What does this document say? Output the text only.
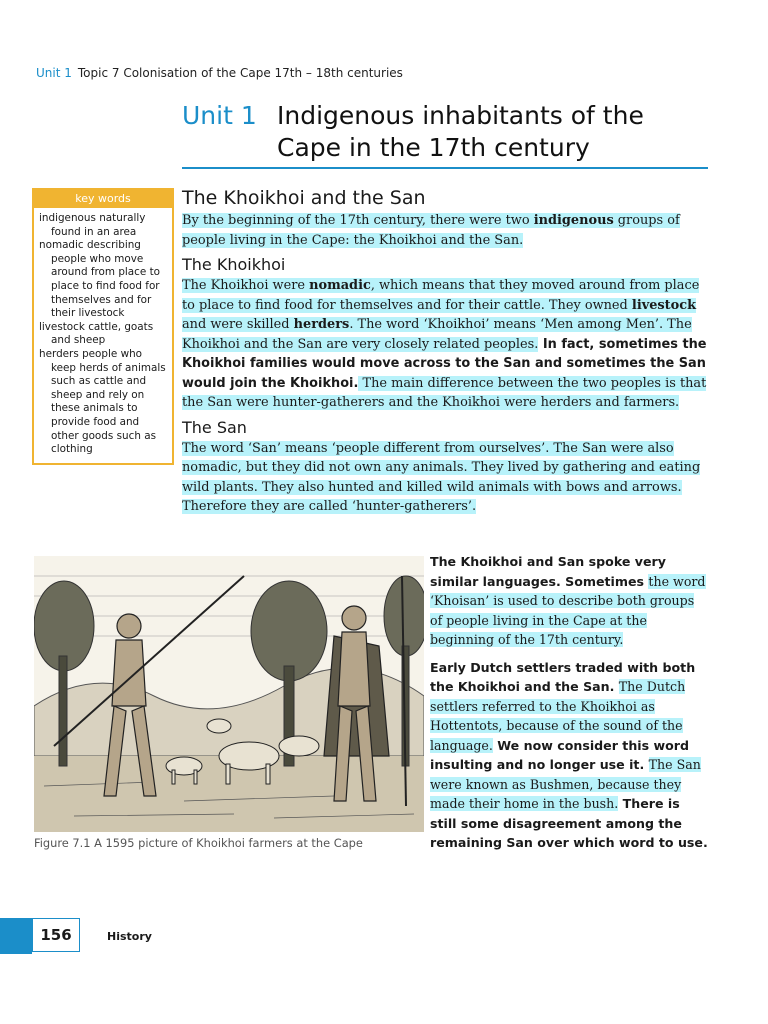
Unit 1 Topic 7 Colonisation of the Cape 17th – 18th centuries
Unit 1 Indigenous inhabitants of the
Cape in the 17th century
key words
indigenous naturally found in an area
nomadic describing people who move around from place to place to find food for themselves and for their livestock
livestock cattle, goats and sheep
herders people who keep herds of animals such as cattle and sheep and rely on these animals to provide food and other goods such as clothing
The Khoikhoi and the San

By the beginning of the 17th century, there were two indigenous groups of people living in the Cape: the Khoikhoi and the San.

The Khoikhoi

The Khoikhoi were nomadic, which means that they moved around from place to place to find food for themselves and for their cattle. They owned livestock and were skilled herders. The word ‘Khoikhoi’ means ‘Men among Men’. The Khoikhoi and the San are very closely related peoples. In fact, sometimes the Khoikhoi families would move across to the San and sometimes the San would join the Khoikhoi. The main difference between the two peoples is that the San were hunter-gatherers and the Khoikhoi were herders and farmers.

The San

The word ‘San’ means ‘people different from ourselves’. The San were also nomadic, but they did not own any animals. They lived by gathering and eating wild plants. They also hunted and killed wild animals with bows and arrows. Therefore they are called ‘hunter-gatherers’.

Figure 7.1 A 1595 picture of Khoikhoi farmers at the Cape

The Khoikhoi and San spoke very similar languages. Sometimes the word ‘Khoisan’ is used to describe both groups of people living in the Cape at the beginning of the 17th century.

Early Dutch settlers traded with both the Khoikhoi and the San. The Dutch settlers referred to the Khoikhoi as Hottentots, because of the sound of the language. We now consider this word insulting and no longer use it. The San were known as Bushmen, because they made their home in the bush. There is still some disagreement among the remaining San over which word to use.

156	History
